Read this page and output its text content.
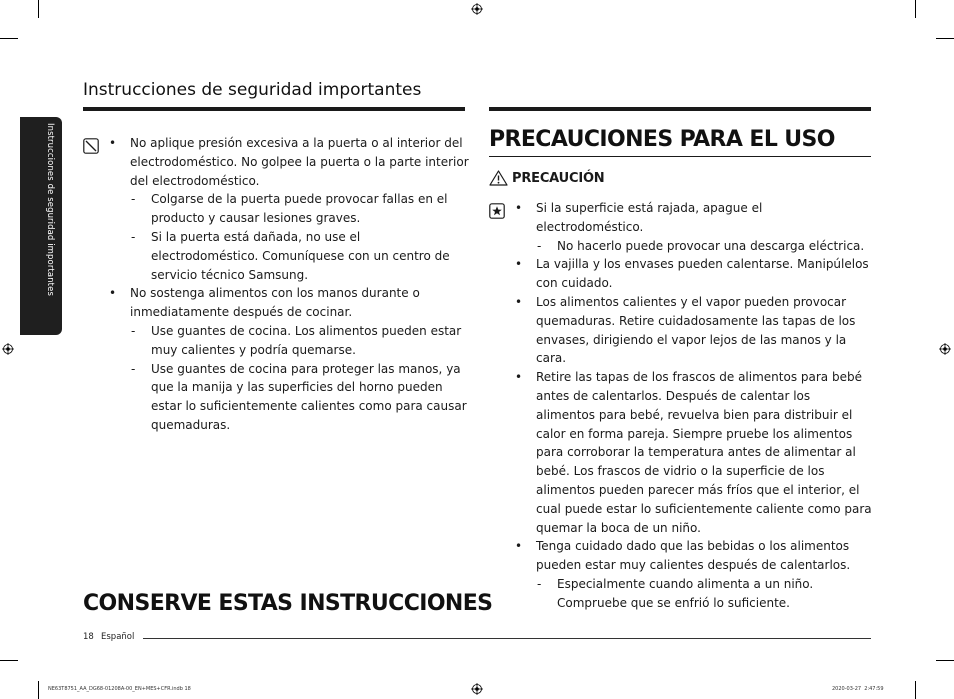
Instrucciones de seguridad importantes
Instrucciones de seguridad importantes
• No aplique presión excesiva a la puerta o al interior del electrodoméstico. No golpee la puerta o la parte interior del electrodoméstico.
- Colgarse de la puerta puede provocar fallas en el producto y causar lesiones graves.
- Si la puerta está dañada, no use el electrodoméstico. Comuníquese con un centro de servicio técnico Samsung.
• No sostenga alimentos con los manos durante o inmediatamente después de cocinar.
- Use guantes de cocina. Los alimentos pueden estar muy calientes y podría quemarse.
- Use guantes de cocina para proteger las manos, ya que la manija y las superficies del horno pueden estar lo suficientemente calientes como para causar quemaduras.
PRECAUCIONES PARA EL USO
PRECAUCIÓN
• Si la superficie está rajada, apague el electrodoméstico.
- No hacerlo puede provocar una descarga eléctrica.
• La vajilla y los envases pueden calentarse. Manipúlelos con cuidado.
• Los alimentos calientes y el vapor pueden provocar quemaduras. Retire cuidadosamente las tapas de los envases, dirigiendo el vapor lejos de las manos y la cara.
• Retire las tapas de los frascos de alimentos para bebé antes de calentarlos. Después de calentar los alimentos para bebé, revuelva bien para distribuir el calor en forma pareja. Siempre pruebe los alimentos para corroborar la temperatura antes de alimentar al bebé. Los frascos de vidrio o la superficie de los alimentos pueden parecer más fríos que el interior, el cual puede estar lo suficientemente caliente como para quemar la boca de un niño.
• Tenga cuidado dado que las bebidas o los alimentos pueden estar muy calientes después de calentarlos.
- Especialmente cuando alimenta a un niño. Compruebe que se enfrió lo suficiente.
CONSERVE ESTAS INSTRUCCIONES
18 Español
NE63T8751_AA_DG68-01208A-00_EN+MES+CFR.indb 18	2020-03-27 ￼ 2:47:59
